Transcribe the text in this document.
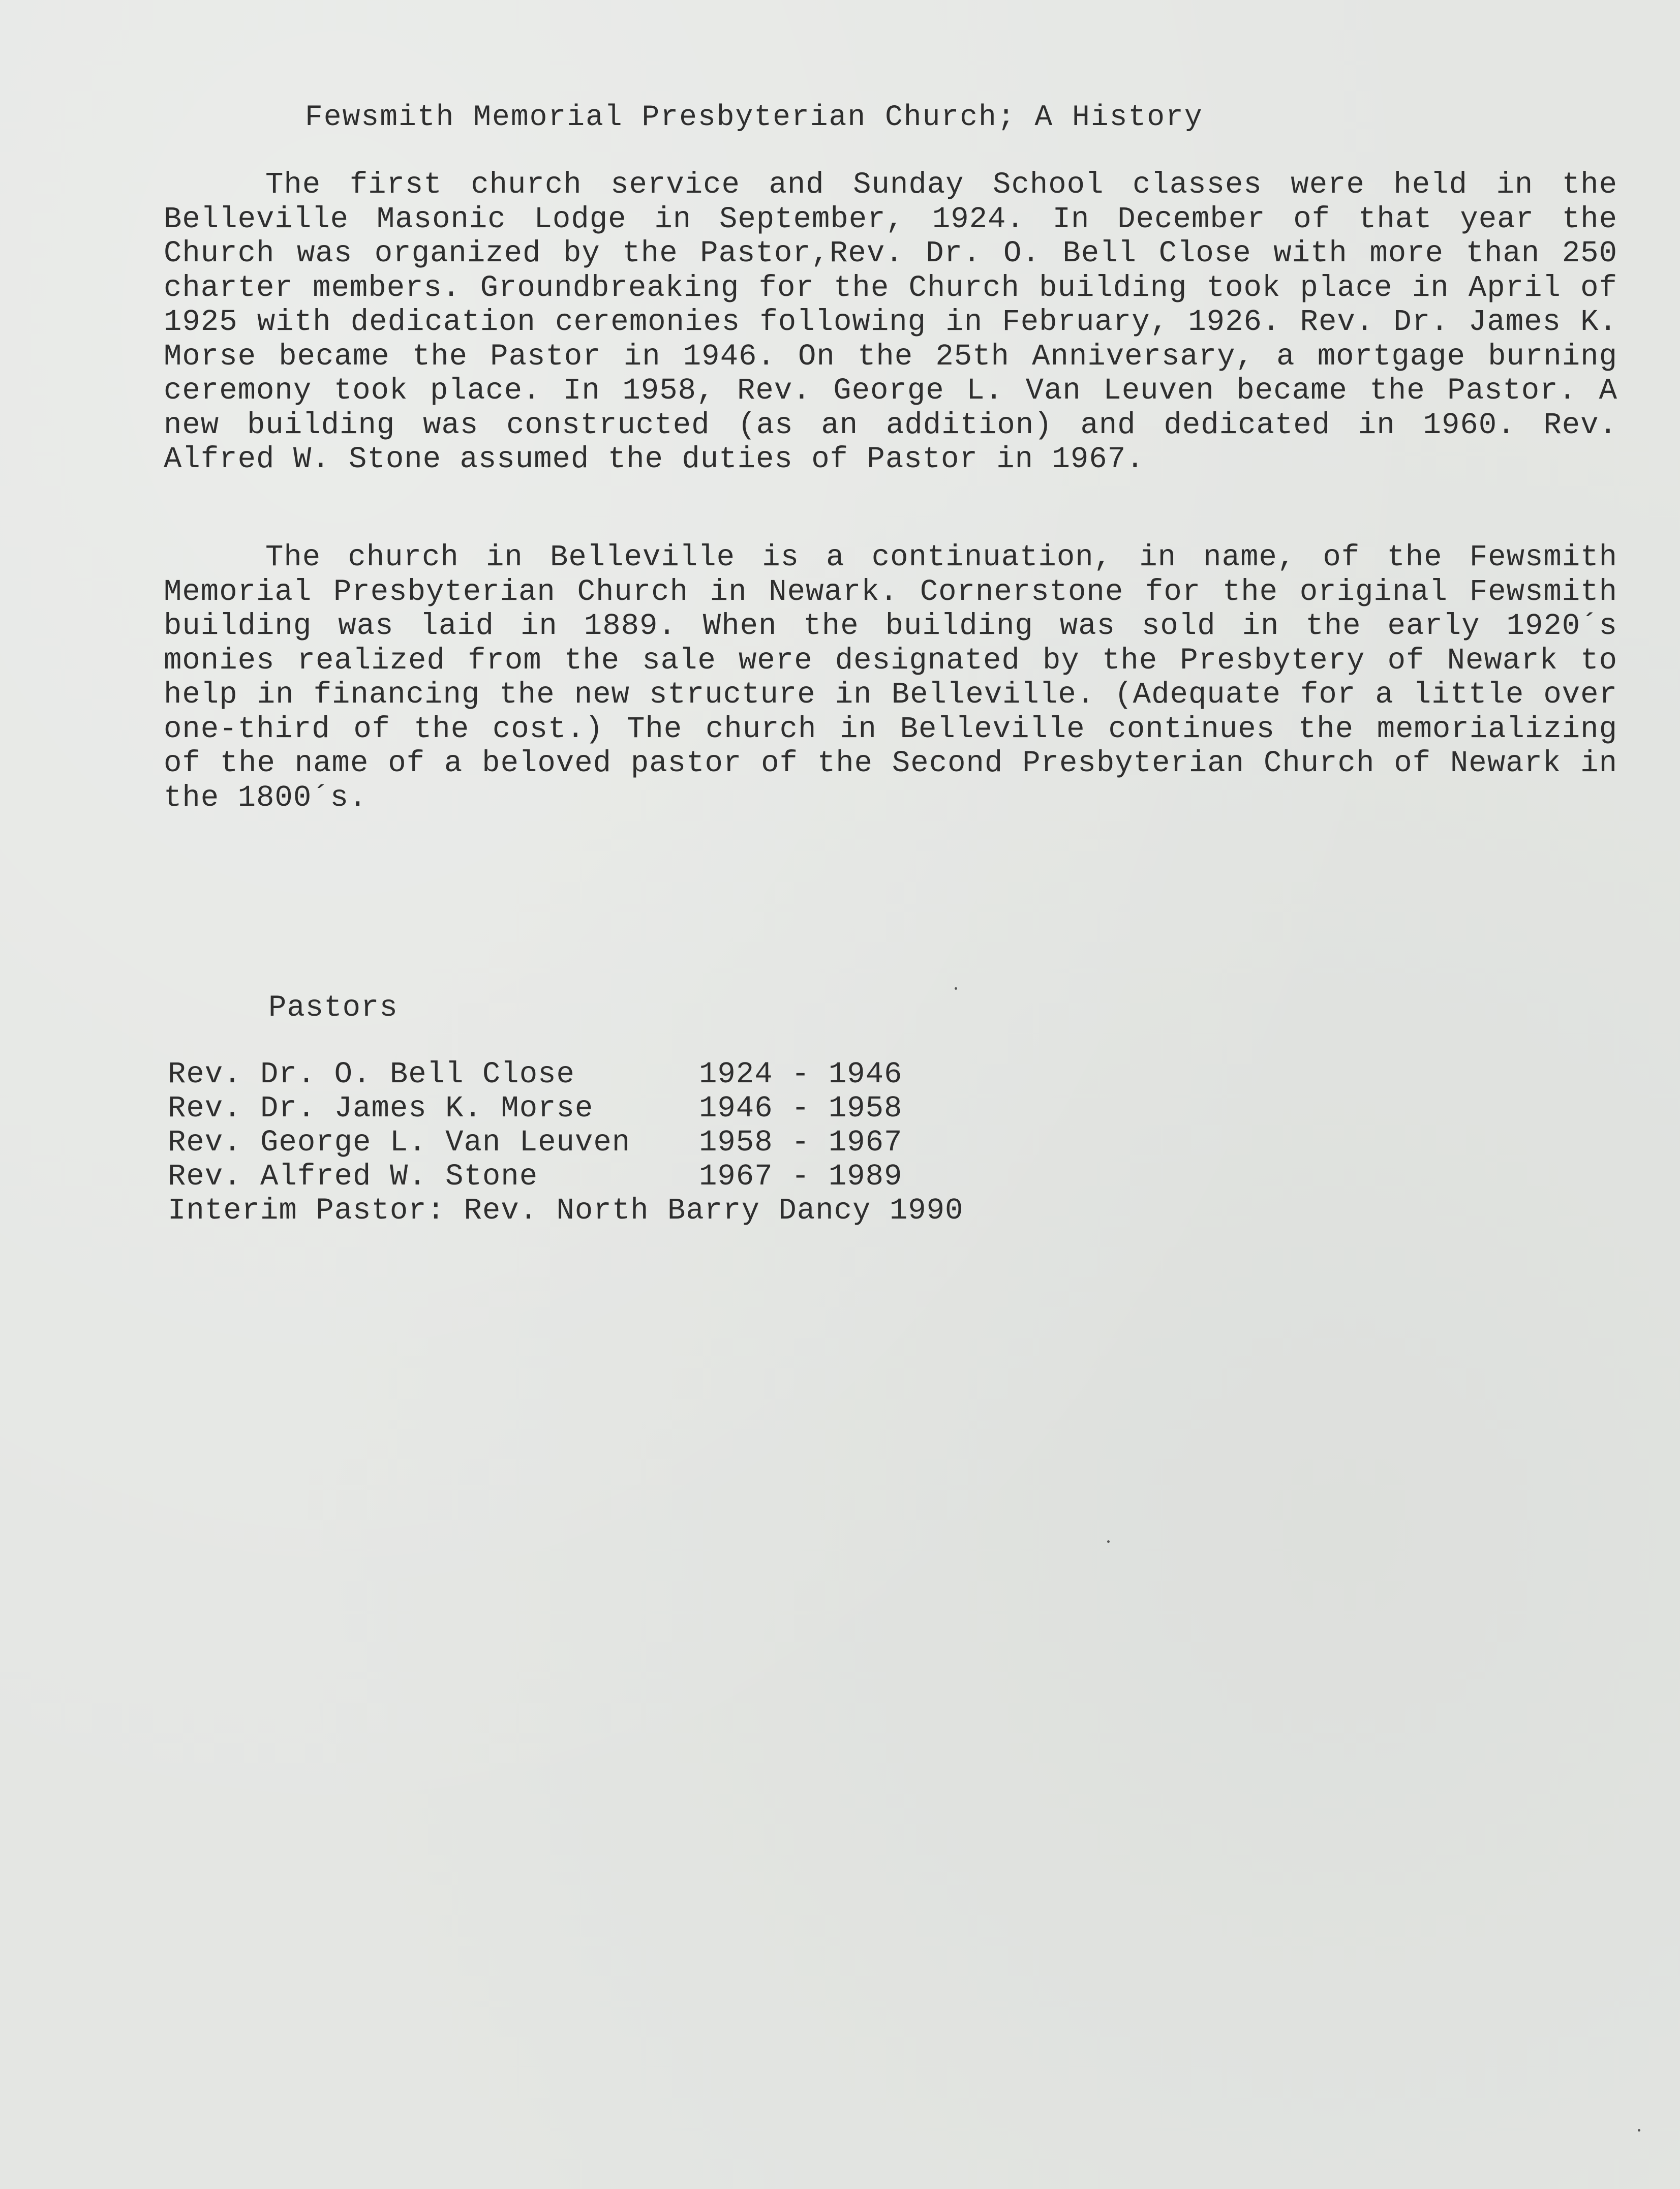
Fewsmith Memorial Presbyterian Church; A History

The first church service and Sunday School classes were held in the Belleville Masonic Lodge in September, 1924. In December of that year the Church was organized by the Pastor,Rev. Dr. O. Bell Close with more than 250 charter members. Groundbreaking for the Church building took place in April of 1925 with dedication ceremonies following in February, 1926. Rev. Dr. James K. Morse became the Pastor in 1946. On the 25th Anniversary, a mortgage burning ceremony took place. In 1958, Rev. George L. Van Leuven became the Pastor. A new building was constructed (as an addition) and dedicated in 1960. Rev. Alfred W. Stone assumed the duties of Pastor in 1967.

The church in Belleville is a continuation, in name, of the Fewsmith Memorial Presbyterian Church in Newark. Cornerstone for the original Fewsmith building was laid in 1889. When the building was sold in the early 1920´s monies realized from the sale were designated by the Presbytery of Newark to help in financing the new structure in Belleville. (Adequate for a little over one-third of the cost.) The church in Belleville continues the memorializing of the name of a beloved pastor of the Second Presbyterian Church of Newark in the 1800´s.

Pastors
Rev. Dr. O. Bell Close	1924 - 1946
Rev. Dr. James K. Morse	1946 - 1958
Rev. George L. Van Leuven	1958 - 1967
Rev. Alfred W. Stone	1967 - 1989
Interim Pastor: Rev. North Barry Dancy 1990
